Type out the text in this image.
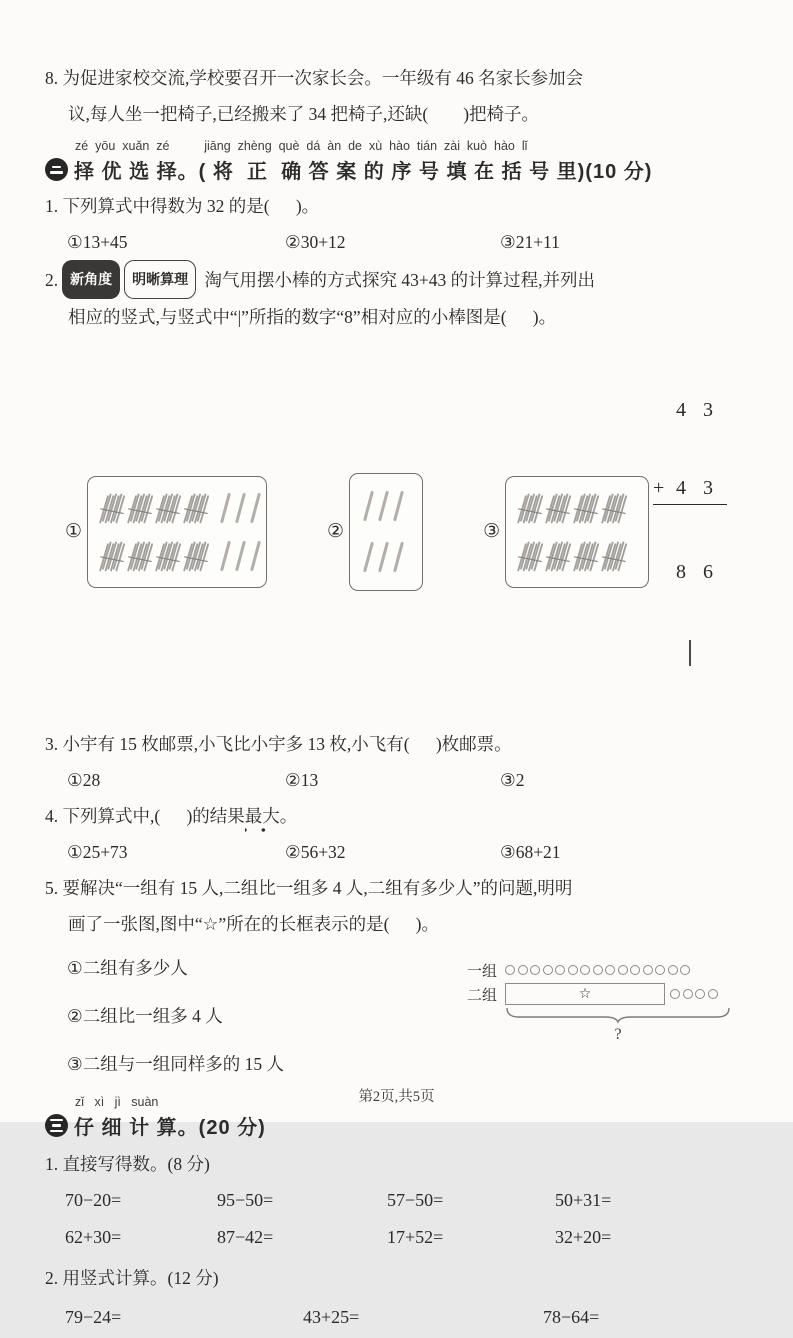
8. 为促进家校交流,学校要召开一次家长会。一年级有 46 名家长参加会
议,每人坐一把椅子,已经搬来了 34 把椅子,还缺(        )把椅子。
zé  yōu  xuǎn  zé          jiāng  zhèng  què  dá  àn  de  xù  hào  tián  zài  kuò  hào  lǐ
择 优 选 择。( 将  正  确 答 案 的 序 号 填 在 括 号 里)(10 分)
1. 下列算式中得数为 32 的是(      )。
①13+45	②30+12	③21+11
2. 新角度 明晰算理 淘气用摆小棒的方式探究 43+43 的计算过程,并列出
相应的竖式,与竖式中“|”所指的数字“8”相对应的小棒图是(      )。
①	②	③

4 3

+ 4 3

8 6

3. 小宇有 15 枚邮票,小飞比小宇多 13 枚,小飞有(      )枚邮票。
①28	②13	③2
4. 下列算式中,(      )的结果最大。
①25+73	②56+32	③68+21
5. 要解决“一组有 15 人,二组比一组多 4 人,二组有多少人”的问题,明明
画了一张图,图中“☆”所在的长框表示的是(      )。
①二组有多少人
②二组比一组多 4 人
③二组与一组同样多的 15 人
一组
二组	☆
?
zǐ   xì   jì   suàn
仔 细 计 算。(20 分)
1. 直接写得数。(8 分)
70−20=	95−50=	57−50=	50+31=
62+30=	87−42=	17+52=	32+20=
2. 用竖式计算。(12 分)
79−24=	43+25=	78−64=
第2页,共5页
